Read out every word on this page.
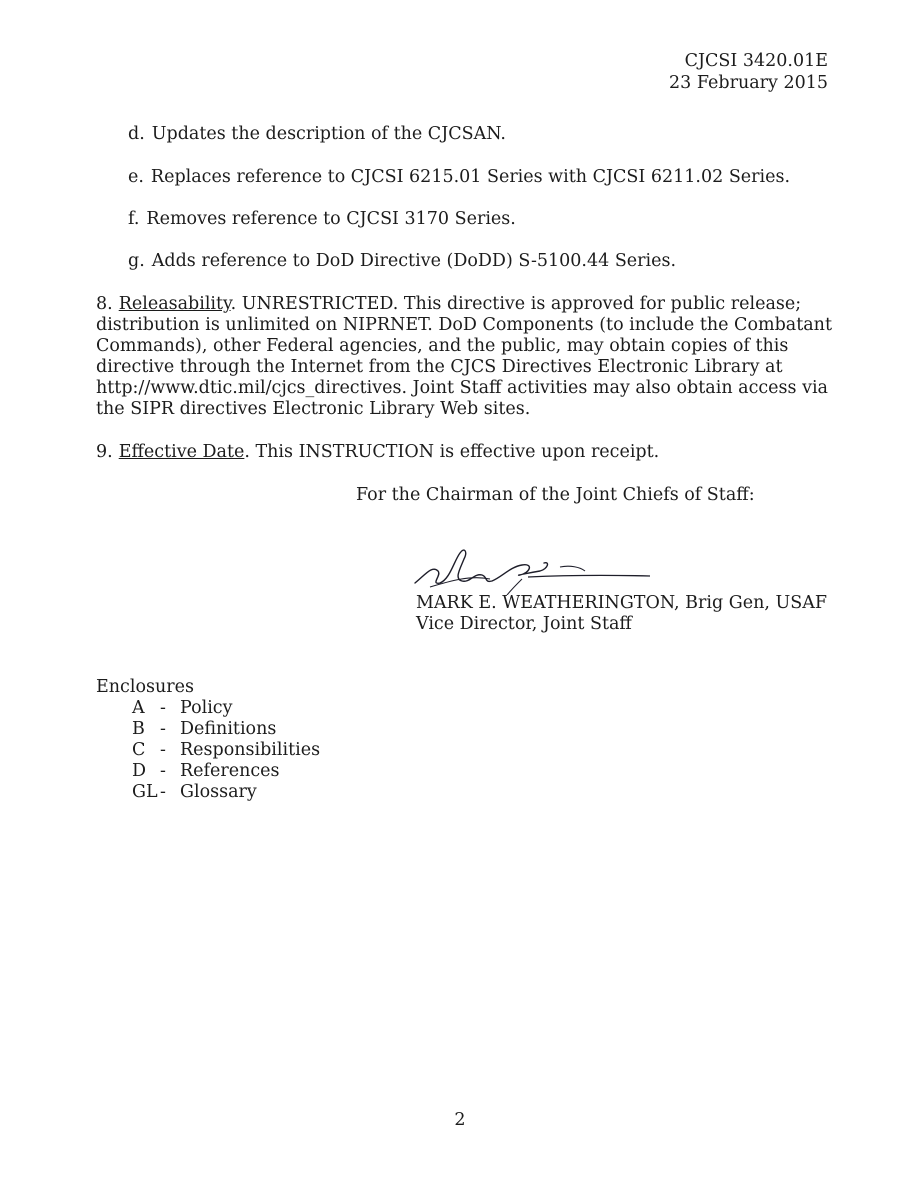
CJCSI 3420.01E
23 February 2015
d. Updates the description of the CJCSAN.
e. Replaces reference to CJCSI 6215.01 Series with CJCSI 6211.02 Series.
f. Removes reference to CJCSI 3170 Series.
g. Adds reference to DoD Directive (DoDD) S-5100.44 Series.
8. Releasability. UNRESTRICTED. This directive is approved for public release; distribution is unlimited on NIPRNET. DoD Components (to include the Combatant Commands), other Federal agencies, and the public, may obtain copies of this directive through the Internet from the CJCS Directives Electronic Library at http://www.dtic.mil/cjcs_directives. Joint Staff activities may also obtain access via the SIPR directives Electronic Library Web sites.
9. Effective Date. This INSTRUCTION is effective upon receipt.
For the Chairman of the Joint Chiefs of Staff:
MARK E. WEATHERINGTON, Brig Gen, USAF
Vice Director, Joint Staff
Enclosures
A - Policy
B - Definitions
C - Responsibilities
D - References
GL - Glossary
2
